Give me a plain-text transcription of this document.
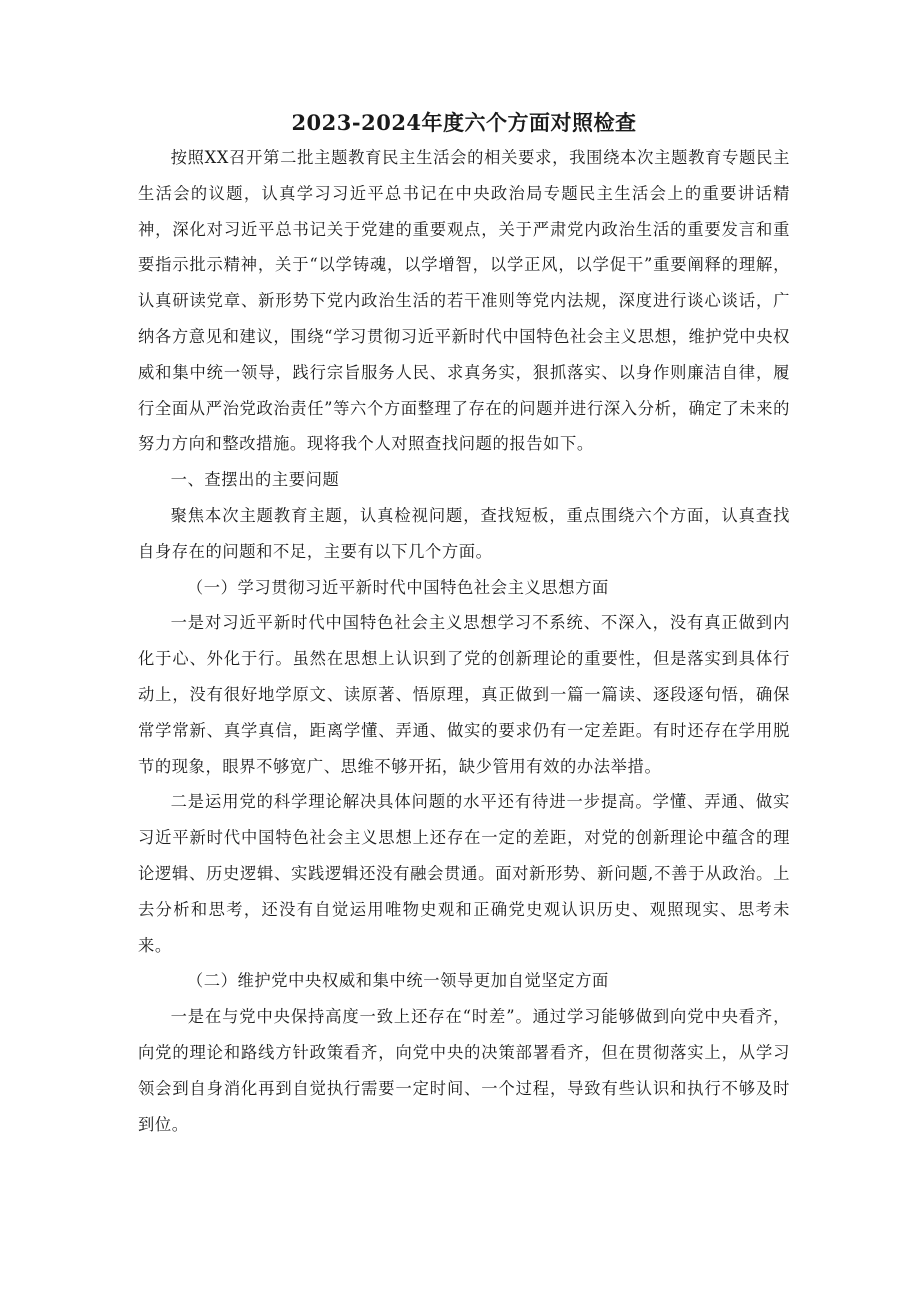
2023-2024年度六个方面对照检查

按照XX召开第二批主题教育民主生活会的相关要求，我围绕本次主题教育专题民主生活会的议题，认真学习习近平总书记在中央政治局专题民主生活会上的重要讲话精神，深化对习近平总书记关于党建的重要观点，关于严肃党内政治生活的重要发言和重要指示批示精神，关于“以学铸魂，以学增智，以学正风，以学促干”重要阐释的理解，认真研读党章、新形势下党内政治生活的若干准则等党内法规，深度进行谈心谈话，广纳各方意见和建议，围绕“学习贯彻习近平新时代中国特色社会主义思想，维护党中央权威和集中统一领导，践行宗旨服务人民、求真务实，狠抓落实、以身作则廉洁自律，履行全面从严治党政治责任”等六个方面整理了存在的问题并进行深入分析，确定了未来的努力方向和整改措施。现将我个人对照查找问题的报告如下。

一、查摆出的主要问题

聚焦本次主题教育主题，认真检视问题，查找短板，重点围绕六个方面，认真查找自身存在的问题和不足，主要有以下几个方面。

（一）学习贯彻习近平新时代中国特色社会主义思想方面

一是对习近平新时代中国特色社会主义思想学习不系统、不深入，没有真正做到内化于心、外化于行。虽然在思想上认识到了党的创新理论的重要性，但是落实到具体行动上，没有很好地学原文、读原著、悟原理，真正做到一篇一篇读、逐段逐句悟，确保常学常新、真学真信，距离学懂、弄通、做实的要求仍有一定差距。有时还存在学用脱节的现象，眼界不够宽广、思维不够开拓，缺少管用有效的办法举措。

二是运用党的科学理论解决具体问题的水平还有待进一步提高。学懂、弄通、做实习近平新时代中国特色社会主义思想上还存在一定的差距，对党的创新理论中蕴含的理论逻辑、历史逻辑、实践逻辑还没有融会贯通。面对新形势、新问题,不善于从政治。上去分析和思考，还没有自觉运用唯物史观和正确党史观认识历史、观照现实、思考未来。

（二）维护党中央权威和集中统一领导更加自觉坚定方面

一是在与党中央保持高度一致上还存在“时差”。通过学习能够做到向党中央看齐，向党的理论和路线方针政策看齐，向党中央的决策部署看齐，但在贯彻落实上，从学习领会到自身消化再到自觉执行需要一定时间、一个过程，导致有些认识和执行不够及时到位。
